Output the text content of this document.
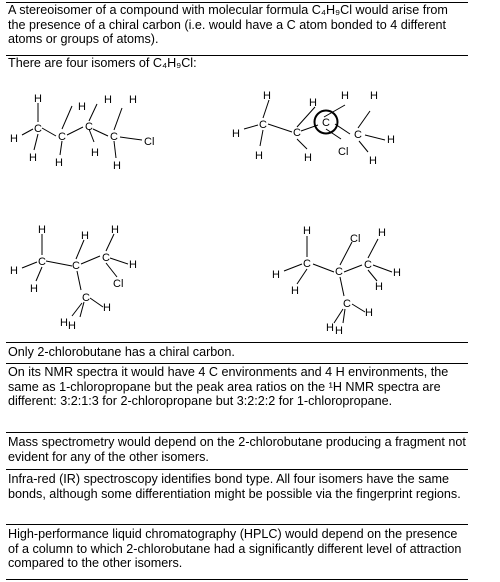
A stereoisomer of a compound with molecular formula C₄H₉Cl would arise from the presence of a chiral carbon (i.e. would have a C atom bonded to 4 different atoms or groups of atoms).
There are four isomers of C₄H₉Cl:
C
C
C
C
H
H
H
H
H
H
H
H
H
Cl
C
C
C
C
H
H
H
H
H
H
Cl
H
H
H
C C
C
C
H
H
H
H H
H
Cl
H
H H
C
C
C
C
H
H
H
Cl H
H
H
H
H H
Only 2-chlorobutane has a chiral carbon.
On its NMR spectra it would have 4 C environments and 4 H environments, the same as 1-chloropropane but the peak area ratios on the ¹H NMR spectra are different: 3:2:1:3 for 2-chloropropane but 3:2:2:2 for 1-chloropropane.
Mass spectrometry would depend on the 2-chlorobutane producing a fragment not evident for any of the other isomers.
Infra-red (IR) spectroscopy identifies bond type. All four isomers have the same bonds, although some differentiation might be possible via the fingerprint regions.
High-performance liquid chromatography (HPLC) would depend on the presence of a column to which 2-chlorobutane had a significantly different level of attraction compared to the other isomers.
